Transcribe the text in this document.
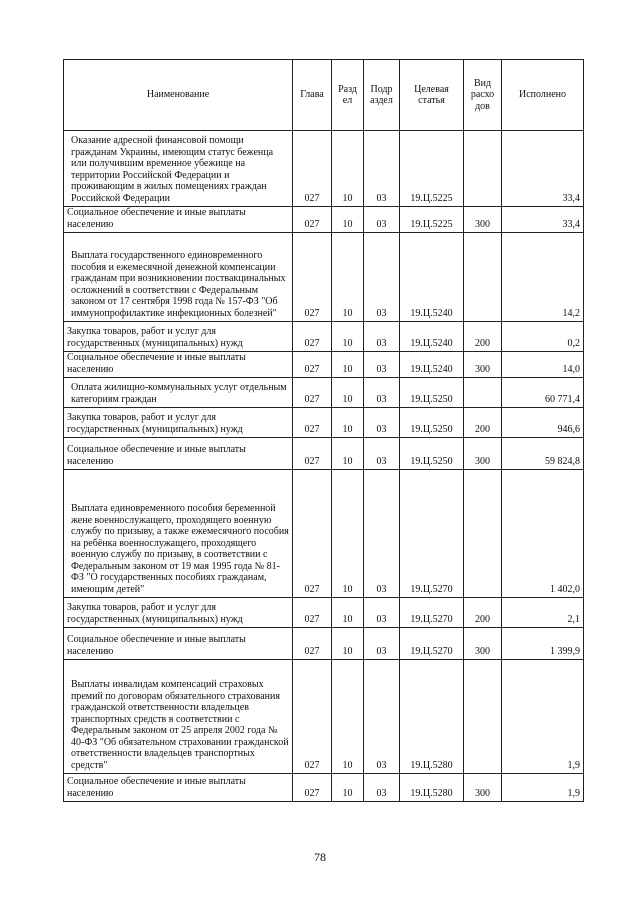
Наименование	Глава	Разд ел	Подр аздел	Целевая статья	Вид расхо дов	Исполнено
Оказание адресной финансовой помощи гражданам Украины, имеющим статус беженца или получившим временное убежище на территории Российской Федерации и проживающим в жилых помещениях граждан Российской Федерации	027	10	03	19.Ц.5225		33,4
Социальное обеспечение и иные выплаты населению	027	10	03	19.Ц.5225	300	33,4
Выплата государственного единовременного пособия и ежемесячной денежной компенсации гражданам при возникновении поствакцинальных осложнений в соответствии с Федеральным законом от 17 сентября 1998 года № 157-ФЗ "Об иммунопрофилактике инфекционных болезней"	027	10	03	19.Ц.5240		14,2
Закупка товаров, работ и услуг для государственных (муниципальных) нужд	027	10	03	19.Ц.5240	200	0,2
Социальное обеспечение и иные выплаты населению	027	10	03	19.Ц.5240	300	14,0
Оплата жилищно-коммунальных услуг отдельным категориям граждан	027	10	03	19.Ц.5250		60 771,4
Закупка товаров, работ и услуг для государственных (муниципальных) нужд	027	10	03	19.Ц.5250	200	946,6
Социальное обеспечение и иные выплаты населению	027	10	03	19.Ц.5250	300	59 824,8
Выплата единовременного пособия беременной жене военнослужащего, проходящего военную службу по призыву, а также ежемесячного пособия на ребёнка военнослужащего, проходящего военную службу по призыву, в соответствии с Федеральным законом от 19 мая 1995 года № 81-ФЗ "О государственных пособиях гражданам, имеющим детей"	027	10	03	19.Ц.5270		1 402,0
Закупка товаров, работ и услуг для государственных (муниципальных) нужд	027	10	03	19.Ц.5270	200	2,1
Социальное обеспечение и иные выплаты населению	027	10	03	19.Ц.5270	300	1 399,9
Выплаты инвалидам компенсаций страховых премий по договорам обязательного страхования гражданской ответственности владельцев транспортных средств в соответствии с Федеральным законом от 25 апреля 2002 года № 40-ФЗ "Об обязательном страховании гражданской ответственности владельцев транспортных средств"	027	10	03	19.Ц.5280		1,9
Социальное обеспечение и иные выплаты населению	027	10	03	19.Ц.5280	300	1,9
78
